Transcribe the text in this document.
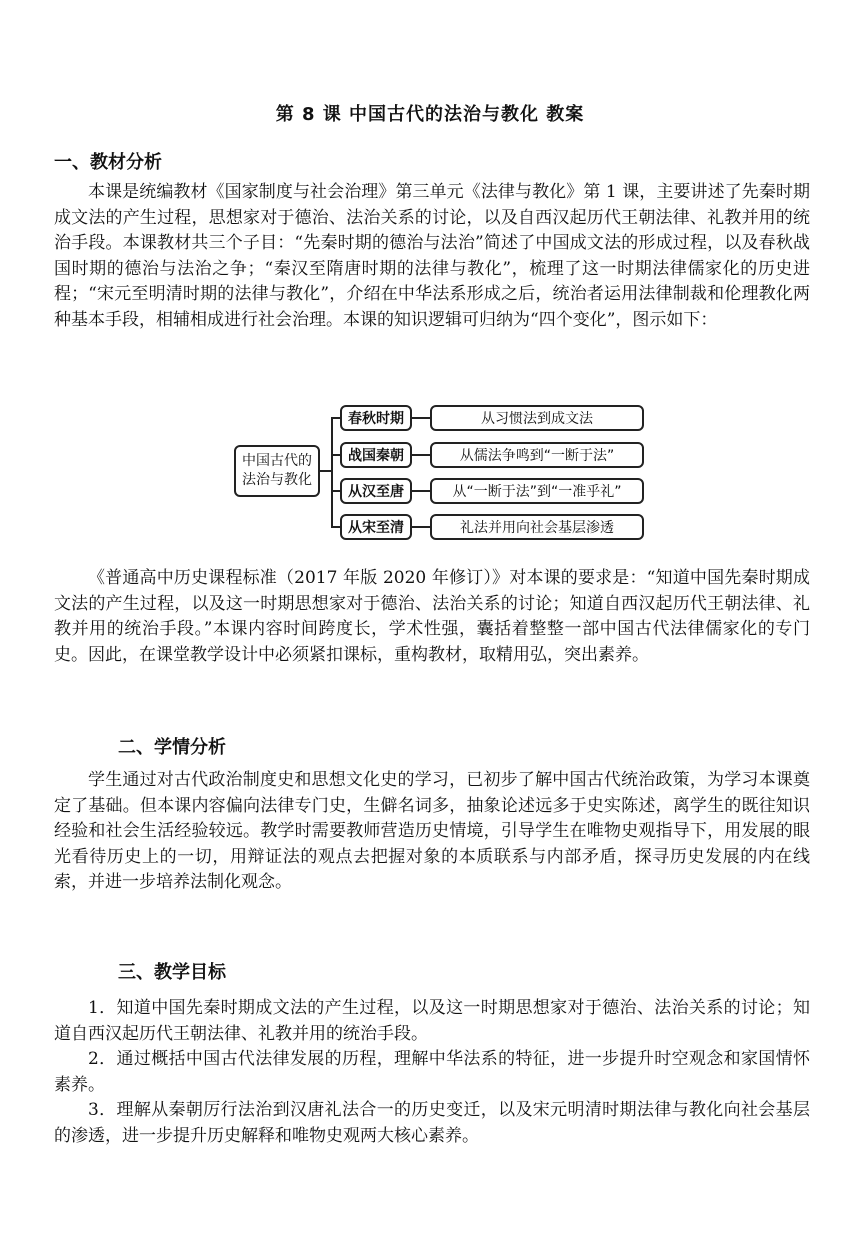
第 8 课 中国古代的法治与教化 教案
一、教材分析

本课是统编教材《国家制度与社会治理》第三单元《法律与教化》第 1 课，主要讲述了先秦时期成文法的产生过程，思想家对于德治、法治关系的讨论，以及自西汉起历代王朝法律、礼教并用的统治手段。本课教材共三个子目：“先秦时期的德治与法治”简述了中国成文法的形成过程，以及春秋战国时期的德治与法治之争；“秦汉至隋唐时期的法律与教化”，梳理了这一时期法律儒家化的历史进程；“宋元至明清时期的法律与教化”，介绍在中华法系形成之后，统治者运用法律制裁和伦理教化两种基本手段，相辅相成进行社会治理。本课的知识逻辑可归纳为“四个变化”，图示如下：

中国古代的法治与教化
春秋时期
战国秦朝
从汉至唐
从宋至清
从习惯法到成文法
从儒法争鸣到“一断于法”
从“一断于法”到“一准乎礼”
礼法并用向社会基层渗透

《普通高中历史课程标准（2017 年版 2020 年修订）》对本课的要求是：“知道中国先秦时期成文法的产生过程，以及这一时期思想家对于德治、法治关系的讨论；知道自西汉起历代王朝法律、礼教并用的统治手段。”本课内容时间跨度长，学术性强，囊括着整整一部中国古代法律儒家化的专门史。因此，在课堂教学设计中必须紧扣课标，重构教材，取精用弘，突出素养。

二、学情分析

学生通过对古代政治制度史和思想文化史的学习，已初步了解中国古代统治政策，为学习本课奠定了基础。但本课内容偏向法律专门史，生僻名词多，抽象论述远多于史实陈述，离学生的既往知识经验和社会生活经验较远。教学时需要教师营造历史情境，引导学生在唯物史观指导下，用发展的眼光看待历史上的一切，用辩证法的观点去把握对象的本质联系与内部矛盾，探寻历史发展的内在线索，并进一步培养法制化观念。

三、教学目标

1．知道中国先秦时期成文法的产生过程，以及这一时期思想家对于德治、法治关系的讨论；知道自西汉起历代王朝法律、礼教并用的统治手段。

2．通过概括中国古代法律发展的历程，理解中华法系的特征，进一步提升时空观念和家国情怀素养。

3．理解从秦朝厉行法治到汉唐礼法合一的历史变迁，以及宋元明清时期法律与教化向社会基层的渗透，进一步提升历史解释和唯物史观两大核心素养。
